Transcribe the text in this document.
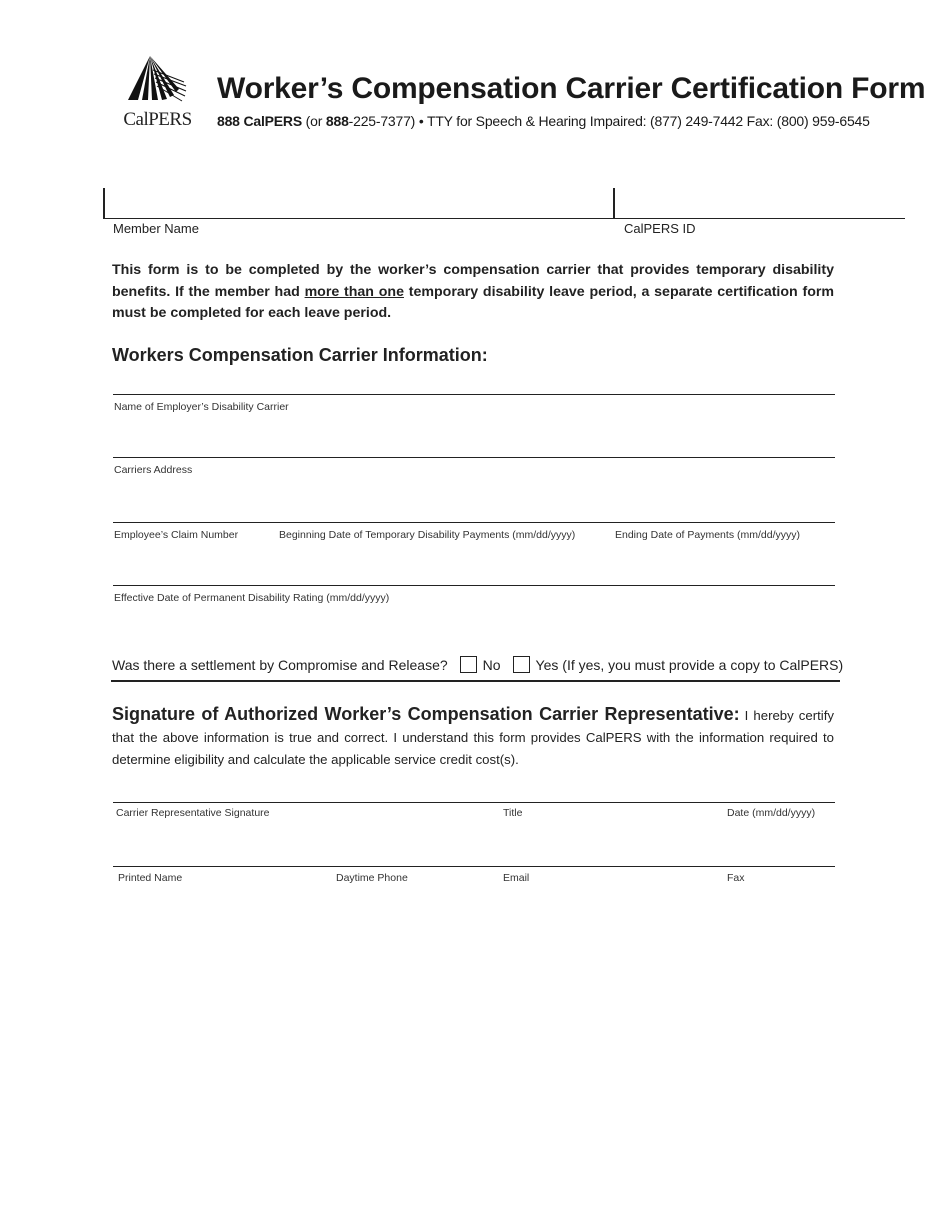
CalPERS
Worker’s Compensation Carrier Certification Form
888 CalPERS (or 888-225-7377) • TTY for Speech & Hearing Impaired: (877) 249-7442 Fax: (800) 959-6545
Member Name	CalPERS ID
This form is to be completed by the worker’s compensation carrier that provides temporary disability benefits. If the member had more than one temporary disability leave period, a separate certification form must be completed for each leave period.
Workers Compensation Carrier Information:
Name of Employer’s Disability Carrier
Carriers Address
Employee’s Claim Number	Beginning Date of Temporary Disability Payments (mm/dd/yyyy)	Ending Date of Payments (mm/dd/yyyy)
Effective Date of Permanent Disability Rating (mm/dd/yyyy)
Was there a settlement by Compromise and Release?	No	Yes (If yes, you must provide a copy to CalPERS)
Signature of Authorized Worker’s Compensation Carrier Representative: I hereby certify that the above information is true and correct. I understand this form provides CalPERS with the information required to determine eligibility and calculate the applicable service credit cost(s).
Carrier Representative Signature	Title	Date (mm/dd/yyyy)
Printed Name	Daytime Phone	Email	Fax
